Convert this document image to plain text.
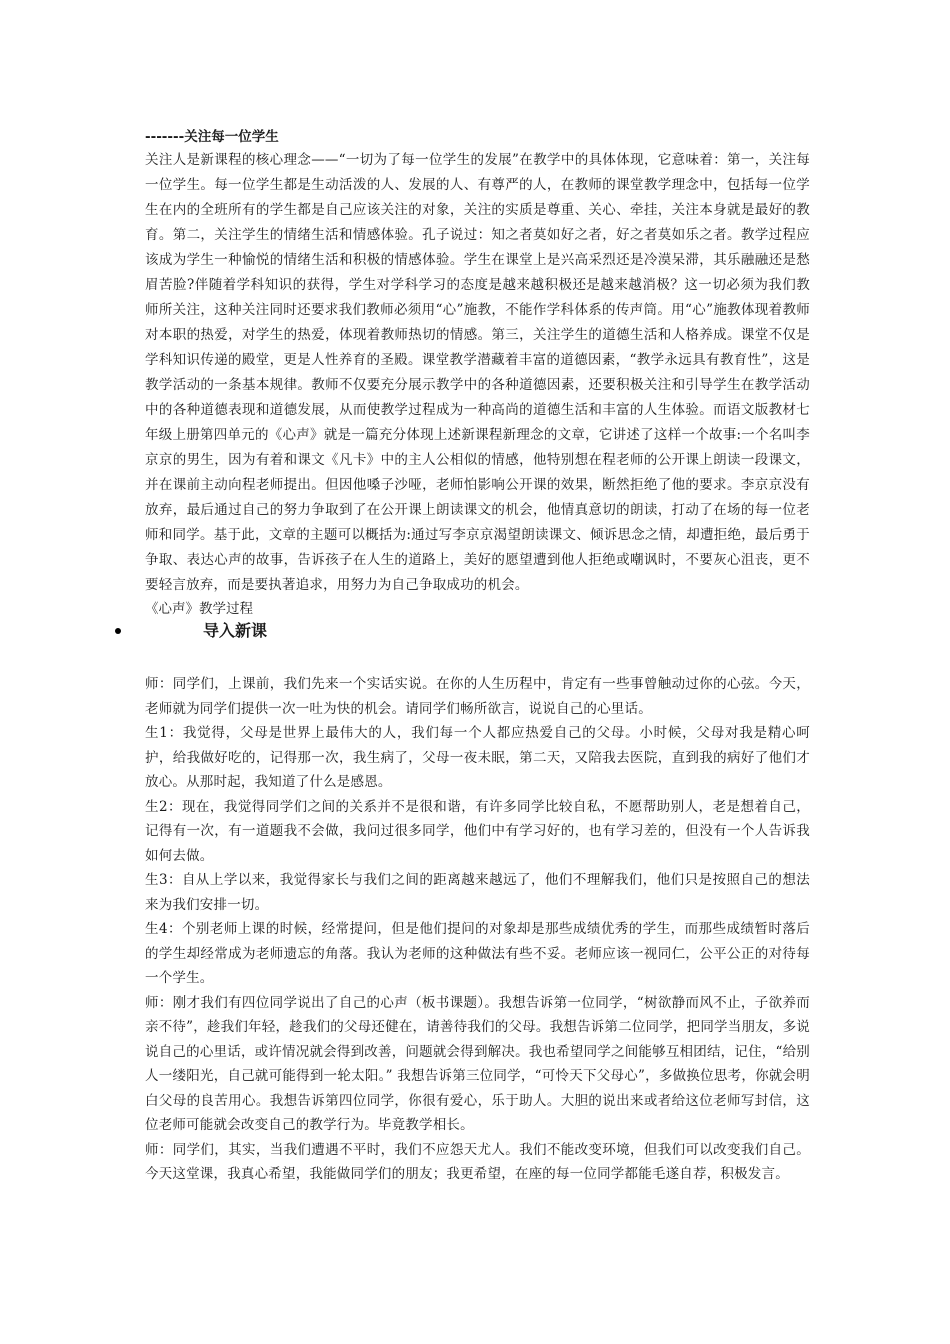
-------关注每一位学生

关注人是新课程的核心理念——“一切为了每一位学生的发展”在教学中的具体体现，它意味着：第一，关注每一位学生。每一位学生都是生动活泼的人、发展的人、有尊严的人，在教师的课堂教学理念中，包括每一位学生在内的全班所有的学生都是自己应该关注的对象，关注的实质是尊重、关心、牵挂，关注本身就是最好的教育。第二，关注学生的情绪生活和情感体验。孔子说过：知之者莫如好之者，好之者莫如乐之者。教学过程应该成为学生一种愉悦的情绪生活和积极的情感体验。学生在课堂上是兴高采烈还是冷漠呆滞，其乐融融还是愁眉苦脸?伴随着学科知识的获得，学生对学科学习的态度是越来越积极还是越来越消极？这一切必须为我们教师所关注，这种关注同时还要求我们教师必须用“心”施教，不能作学科体系的传声筒。用“心”施教体现着教师对本职的热爱，对学生的热爱，体现着教师热切的情感。第三，关注学生的道德生活和人格养成。课堂不仅是学科知识传递的殿堂，更是人性养育的圣殿。课堂教学潜藏着丰富的道德因素，“教学永远具有教育性”，这是教学活动的一条基本规律。教师不仅要充分展示教学中的各种道德因素，还要积极关注和引导学生在教学活动中的各种道德表现和道德发展，从而使教学过程成为一种高尚的道德生活和丰富的人生体验。而语文版教材七年级上册第四单元的《心声》就是一篇充分体现上述新课程新理念的文章，它讲述了这样一个故事:一个名叫李京京的男生，因为有着和课文《凡卡》中的主人公相似的情感，他特别想在程老师的公开课上朗读一段课文，并在课前主动向程老师提出。但因他嗓子沙哑，老师怕影响公开课的效果，断然拒绝了他的要求。李京京没有放弃，最后通过自己的努力争取到了在公开课上朗读课文的机会，他情真意切的朗读，打动了在场的每一位老师和同学。基于此，文章的主题可以概括为:通过写李京京渴望朗读课文、倾诉思念之情，却遭拒绝，最后勇于争取、表达心声的故事，告诉孩子在人生的道路上，美好的愿望遭到他人拒绝或嘲讽时，不要灰心沮丧，更不要轻言放弃，而是要执著追求，用努力为自己争取成功的机会。

《心声》教学过程

导入新课

师：同学们，上课前，我们先来一个实话实说。在你的人生历程中，肯定有一些事曾触动过你的心弦。今天，老师就为同学们提供一次一吐为快的机会。请同学们畅所欲言，说说自己的心里话。

生1：我觉得，父母是世界上最伟大的人，我们每一个人都应热爱自己的父母。小时候，父母对我是精心呵护，给我做好吃的，记得那一次，我生病了，父母一夜未眠，第二天，又陪我去医院，直到我的病好了他们才放心。从那时起，我知道了什么是感恩。

生2：现在，我觉得同学们之间的关系并不是很和谐，有许多同学比较自私，不愿帮助别人，老是想着自己，记得有一次，有一道题我不会做，我问过很多同学，他们中有学习好的，也有学习差的，但没有一个人告诉我如何去做。

生3：自从上学以来，我觉得家长与我们之间的距离越来越远了，他们不理解我们，他们只是按照自己的想法来为我们安排一切。

生4：个别老师上课的时候，经常提问，但是他们提问的对象却是那些成绩优秀的学生，而那些成绩暂时落后的学生却经常成为老师遗忘的角落。我认为老师的这种做法有些不妥。老师应该一视同仁，公平公正的对待每一个学生。

师：刚才我们有四位同学说出了自己的心声（板书课题）。我想告诉第一位同学，“树欲静而风不止，子欲养而亲不待”，趁我们年轻，趁我们的父母还健在，请善待我们的父母。我想告诉第二位同学，把同学当朋友，多说说自己的心里话，或许情况就会得到改善，问题就会得到解决。我也希望同学之间能够互相团结，记住，“给别人一缕阳光，自己就可能得到一轮太阳。” 我想告诉第三位同学，“可怜天下父母心”，多做换位思考，你就会明白父母的良苦用心。我想告诉第四位同学，你很有爱心，乐于助人。大胆的说出来或者给这位老师写封信，这位老师可能就会改变自己的教学行为。毕竟教学相长。

师：同学们，其实，当我们遭遇不平时，我们不应怨天尤人。我们不能改变环境，但我们可以改变我们自己。今天这堂课，我真心希望，我能做同学们的朋友；我更希望，在座的每一位同学都能毛遂自荐，积极发言。
